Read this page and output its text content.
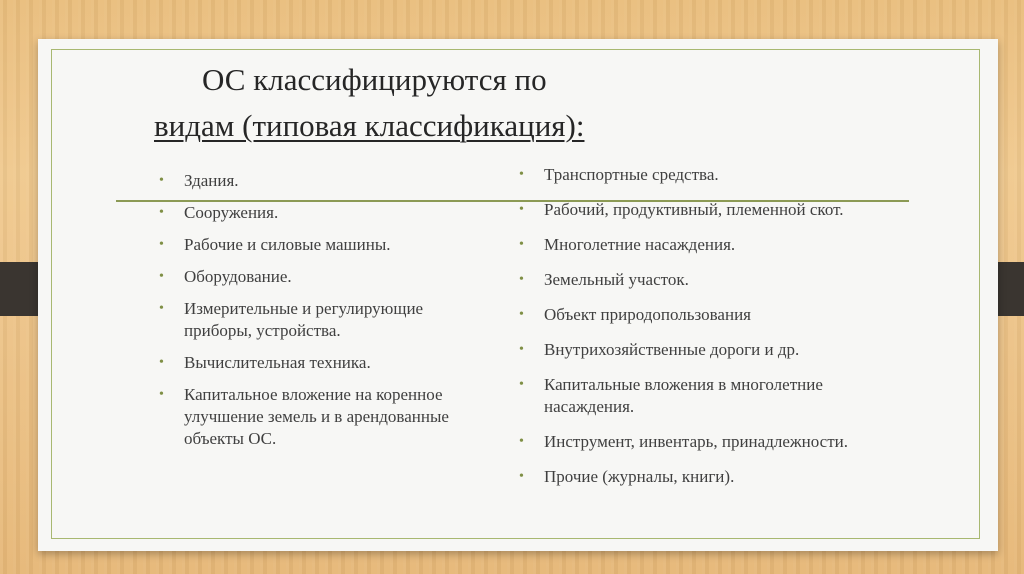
ОС классифицируются по
видам (типовая классификация):
• Здания.
• Сооружения.
• Рабочие и силовые машины.
• Оборудование.
• Измерительные и регулирующие приборы, устройства.
• Вычислительная техника.
• Капитальное вложение на коренное улучшение земель и в арендованные объекты ОС.
• Транспортные средства.
• Рабочий, продуктивный, племенной скот.
• Многолетние насаждения.
• Земельный участок.
• Объект природопользования
• Внутрихозяйственные дороги и др.
• Капитальные вложения в многолетние насаждения.
• Инструмент, инвентарь, принадлежности.
• Прочие (журналы, книги).
